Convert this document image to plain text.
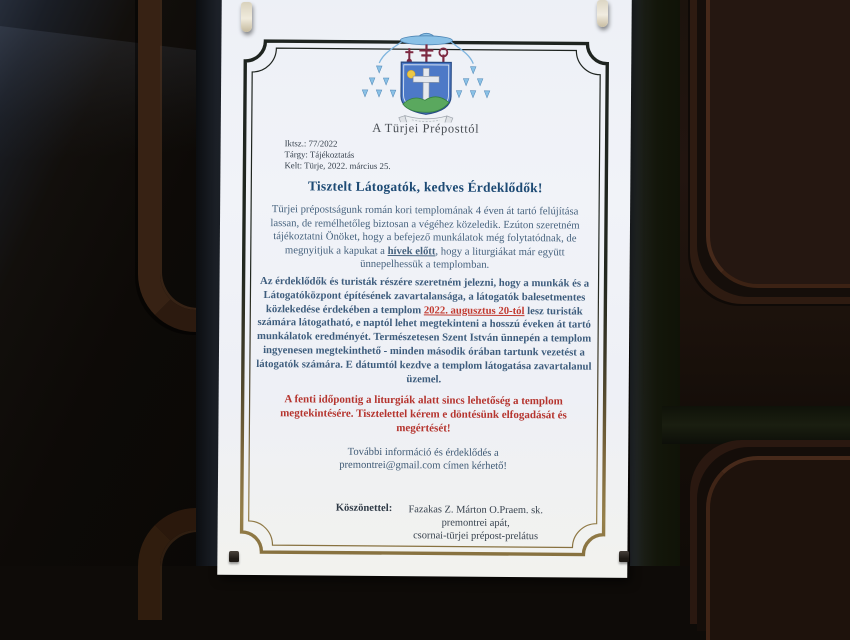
A Türjei Préposttól
Iktsz.: 77/2022
Tárgy: Tájékoztatás
Kelt: Türje, 2022. március 25.
Tisztelt Látogatók, kedves Érdeklődők!
Türjei prépostságunk román kori templomának 4 éven át tartó felújítása lassan, de remélhetőleg biztosan a végéhez közeledik. Ezúton szeretném tájékoztatni Önöket, hogy a befejező munkálatok még folytatódnak, de megnyitjuk a kapukat a hívek előtt, hogy a liturgiákat már együtt ünnepelhessük a templomban.
Az érdeklődők és turisták részére szeretném jelezni, hogy a munkák és a Látogatóközpont építésének zavartalansága, a látogatók balesetmentes közlekedése érdekében a templom 2022. augusztus 20-tól lesz turisták számára látogatható, e naptól lehet megtekinteni a hosszú éveken át tartó munkálatok eredményét. Természetesen Szent István ünnepén a templom ingyenesen megtekinthető - minden második órában tartunk vezetést a látogatók számára. E dátumtól kezdve a templom látogatása zavartalanul üzemel.
A fenti időpontig a liturgiák alatt sincs lehetőség a templom megtekintésére. Tisztelettel kérem e döntésünk elfogadását és megértését!
További információ és érdeklődés a
premontrei@gmail.com címen kérhető!
Köszönettel:	Fazakas Z. Márton O.Praem. sk.
premontrei apát,
csornai-türjei prépost-prelátus
